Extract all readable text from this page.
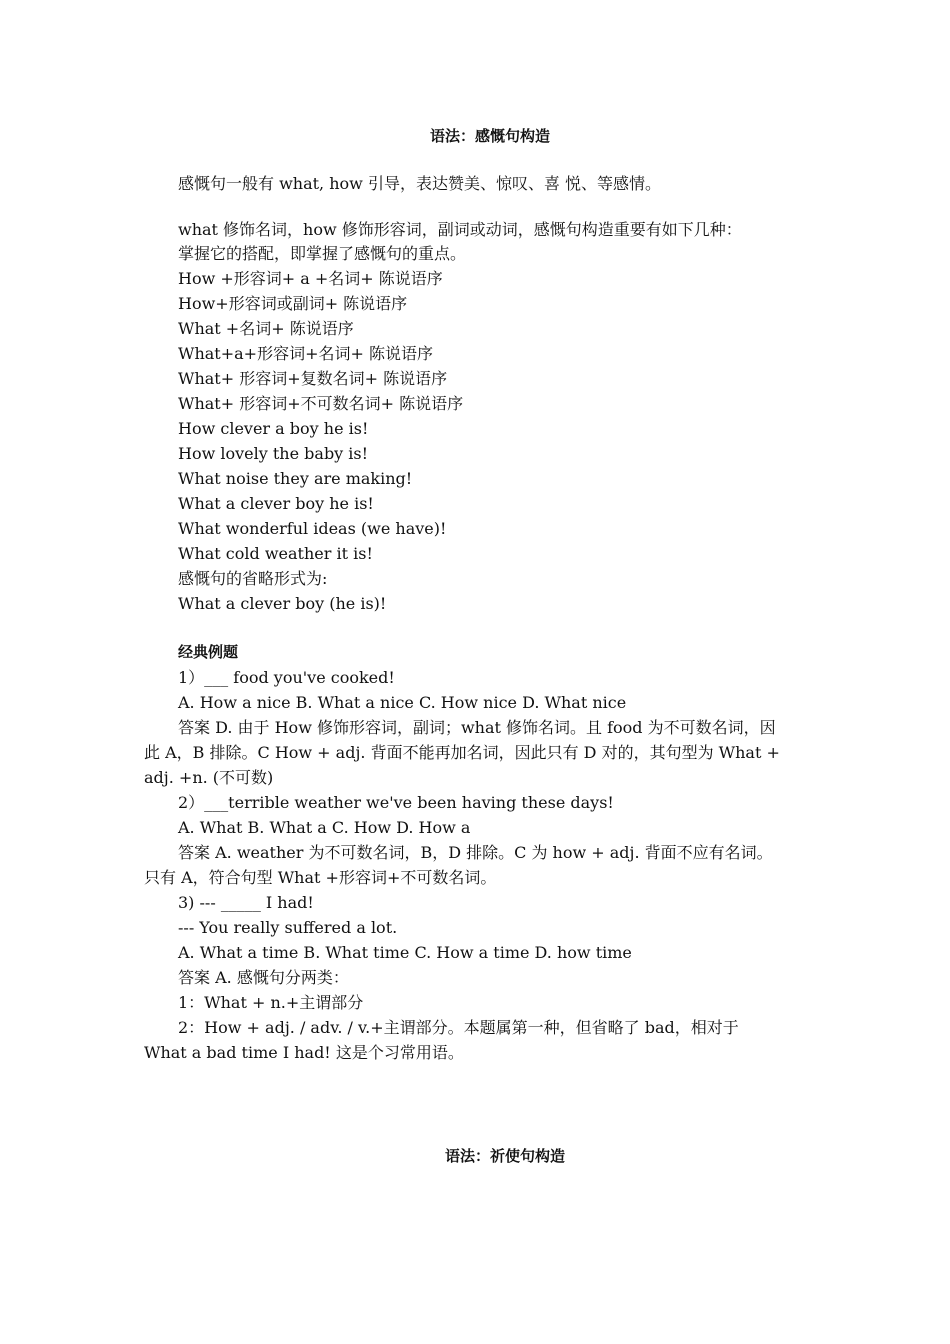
语法：感慨句构造
感慨句一般有 what, how 引导，表达赞美、惊叹、喜 悦、等感情。
what 修饰名词，how 修饰形容词，副词或动词，感慨句构造重要有如下几种：
掌握它的搭配，即掌握了感慨句的重点。
How +形容词+ a +名词+ 陈说语序
How+形容词或副词+ 陈说语序
What +名词+ 陈说语序
What+a+形容词+名词+ 陈说语序
What+ 形容词+复数名词+ 陈说语序
What+ 形容词+不可数名词+ 陈说语序
How clever a boy he is!
How lovely the baby is!
What noise they are making!
What a clever boy he is!
What wonderful ideas (we have)!
What cold weather it is!
感慨句的省略形式为:
What a clever boy (he is)!
经典例题
1）___ food you've cooked!
A. How a nice B. What a nice C. How nice D. What nice
答案 D. 由于 How 修饰形容词，副词；what 修饰名词。且 food 为不可数名词，因
此 A，B 排除。C How + adj. 背面不能再加名词，因此只有 D 对的，其句型为 What +
adj. +n. (不可数)
2）___terrible weather we've been having these days!
A. What B. What a C. How D. How a
答案 A. weather 为不可数名词，B，D 排除。C 为 how + adj. 背面不应有名词。
只有 A，符合句型 What +形容词+不可数名词。
3) --- _____ I had!
--- You really suffered a lot.
A. What a time B. What time C. How a time D. how time
答案 A. 感慨句分两类：
1：What + n.+主谓部分
2：How + adj. / adv. / v.+主谓部分。本题属第一种，但省略了 bad，相对于
What a bad time I had! 这是个习常用语。
语法：祈使句构造
